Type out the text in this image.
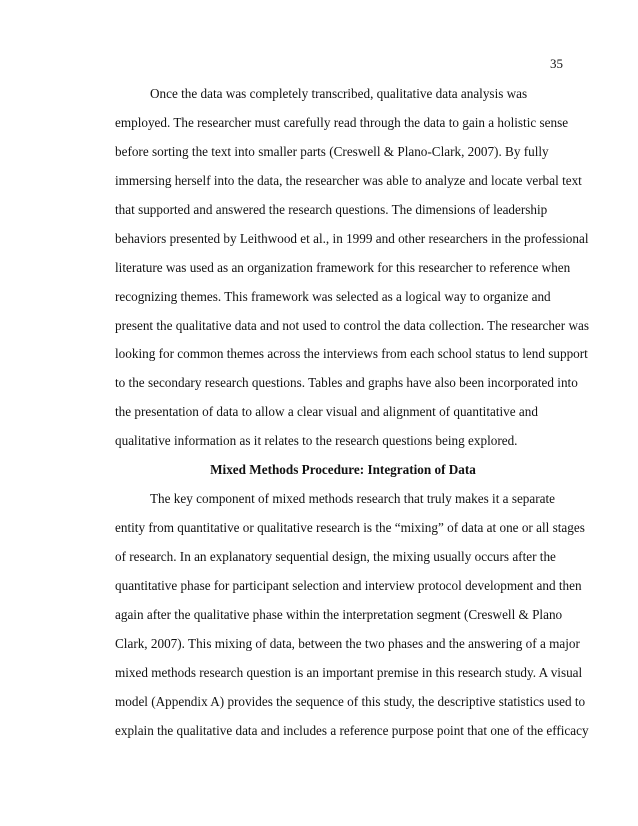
35
Once the data was completely transcribed, qualitative data analysis was
employed. The researcher must carefully read through the data to gain a holistic sense
before sorting the text into smaller parts (Creswell & Plano-Clark, 2007). By fully
immersing herself into the data, the researcher was able to analyze and locate verbal text
that supported and answered the research questions. The dimensions of leadership
behaviors presented by Leithwood et al., in 1999 and other researchers in the professional
literature was used as an organization framework for this researcher to reference when
recognizing themes. This framework was selected as a logical way to organize and
present the qualitative data and not used to control the data collection. The researcher was
looking for common themes across the interviews from each school status to lend support
to the secondary research questions. Tables and graphs have also been incorporated into
the presentation of data to allow a clear visual and alignment of quantitative and
qualitative information as it relates to the research questions being explored.
Mixed Methods Procedure: Integration of Data
The key component of mixed methods research that truly makes it a separate
entity from quantitative or qualitative research is the “mixing” of data at one or all stages
of research. In an explanatory sequential design, the mixing usually occurs after the
quantitative phase for participant selection and interview protocol development and then
again after the qualitative phase within the interpretation segment (Creswell & Plano
Clark, 2007). This mixing of data, between the two phases and the answering of a major
mixed methods research question is an important premise in this research study. A visual
model (Appendix A) provides the sequence of this study, the descriptive statistics used to
explain the qualitative data and includes a reference purpose point that one of the efficacy
